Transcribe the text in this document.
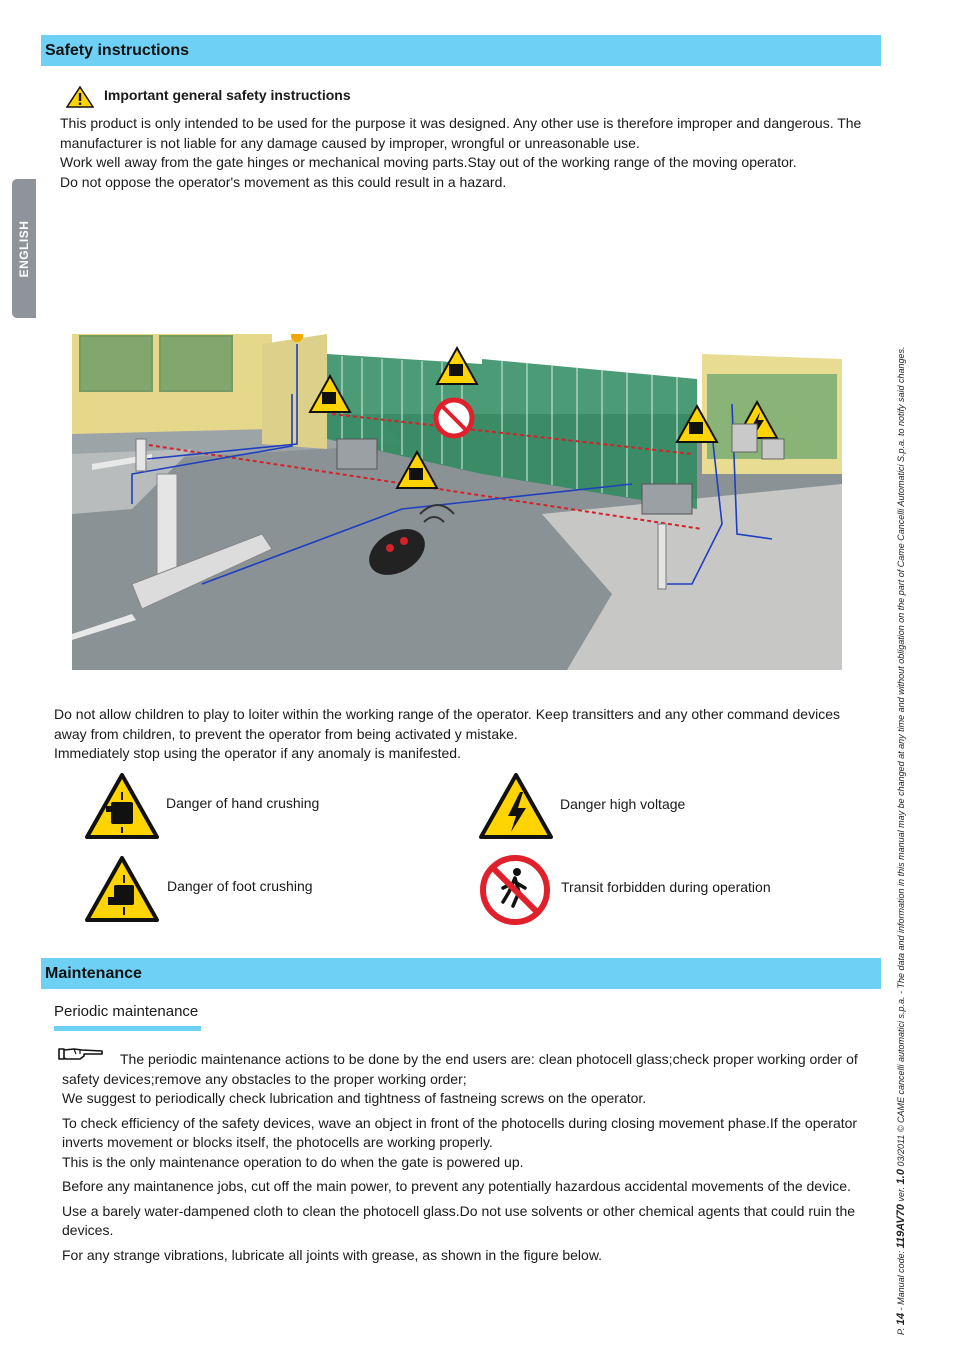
ENGLISH
Safety instructions
Important general safety instructions

This product is only intended to be used for the purpose it was designed. Any other use is therefore improper and dangerous. The manufacturer is not liable for any damage caused by improper, wrongful or unreasonable use.

Work well away from the gate hinges or mechanical moving parts.Stay out of the working range of the moving operator.

Do not oppose the operator's movement as this could result in a hazard.

Do not allow children to play to loiter within the working range of the operator. Keep transitters and any other command devices away from children, to prevent the operator from being activated y mistake.

Immediately stop using the operator if any anomaly is manifested.

Danger of hand crushing	Danger high voltage
Danger of foot crushing	Transit forbidden during operation
Maintenance
Periodic maintenance

The periodic maintenance actions to be done by the end users are: clean photocell glass;check proper working order of safety devices;remove any obstacles to the proper working order;

We suggest to periodically check lubrication and tightness of fastneing screws on the operator.

To check efficiency of the safety devices, wave an object in front of the photocells during closing movement phase.If the operator inverts movement or blocks itself, the photocells are working properly.

This is the only maintenance operation to do when the gate is powered up.

Before any maintanence jobs, cut off the main power, to prevent any potentially hazardous accidental movements of the device.

Use a barely water-dampened cloth to clean the photocell glass.Do not use solvents or other chemical agents that could ruin the devices.

For any strange vibrations, lubricate all joints with grease, as shown in the figure below.

P. 14 - Manual code: 119AV70 ver. 1.0 03/2011 © CAME cancelli automatici s.p.a. - The data and information in this manual may be changed at any time and without obligation on the part of Came Cancelli Automatici S.p.a. to notify said changes.
